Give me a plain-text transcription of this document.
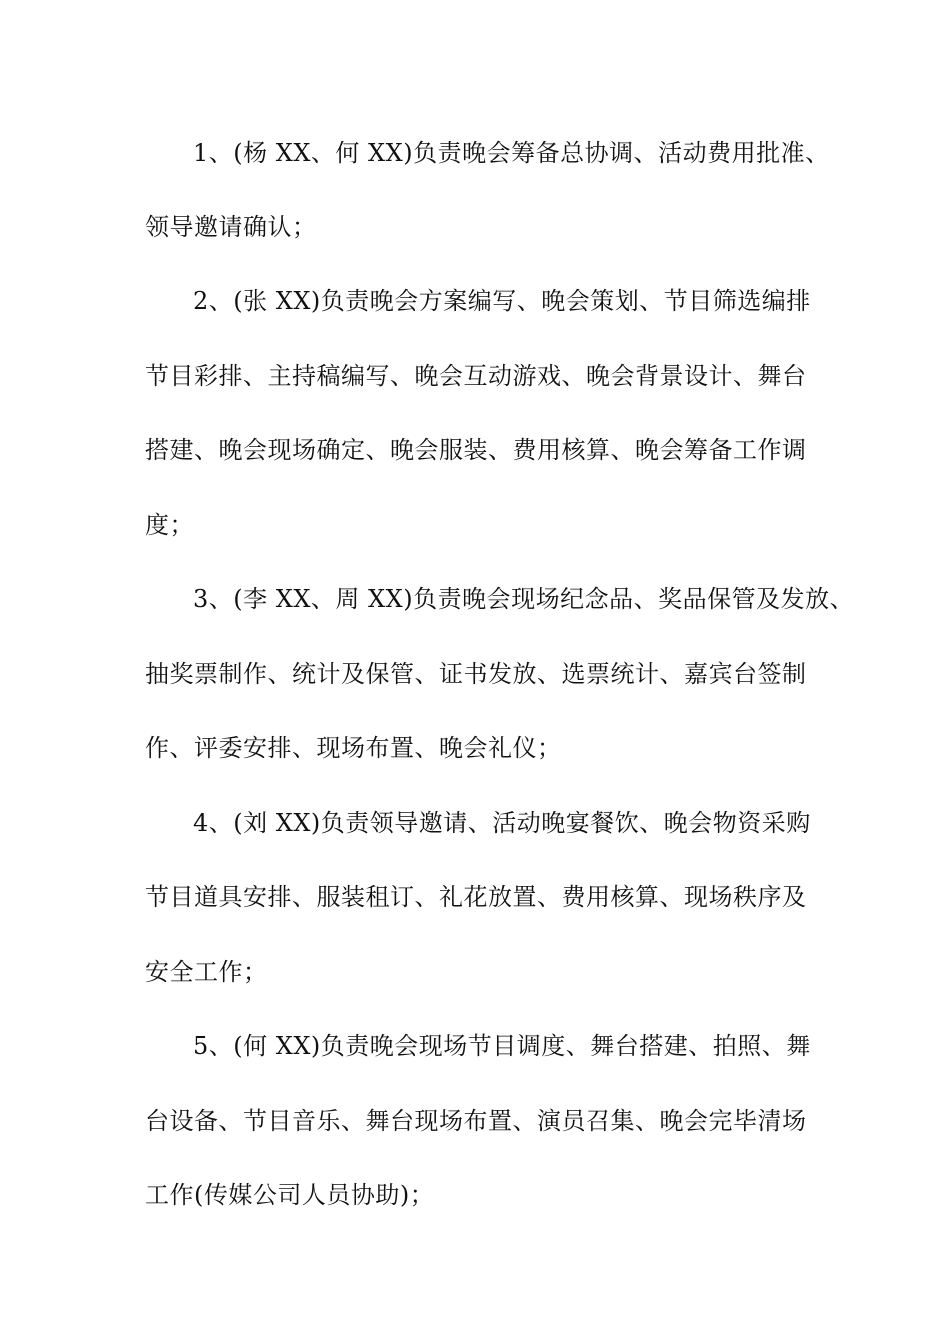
1、(杨 XX、何 XX)负责晚会筹备总协调、活动费用批准、
领导邀请确认；
2、(张 XX)负责晚会方案编写、晚会策划、节目筛选编排
节目彩排、主持稿编写、晚会互动游戏、晚会背景设计、舞台
搭建、晚会现场确定、晚会服装、费用核算、晚会筹备工作调
度；
3、(李 XX、周 XX)负责晚会现场纪念品、奖品保管及发放、
抽奖票制作、统计及保管、证书发放、选票统计、嘉宾台签制
作、评委安排、现场布置、晚会礼仪；
4、(刘 XX)负责领导邀请、活动晚宴餐饮、晚会物资采购
节目道具安排、服装租订、礼花放置、费用核算、现场秩序及
安全工作；
5、(何 XX)负责晚会现场节目调度、舞台搭建、拍照、舞
台设备、节目音乐、舞台现场布置、演员召集、晚会完毕清场
工作(传媒公司人员协助)；
